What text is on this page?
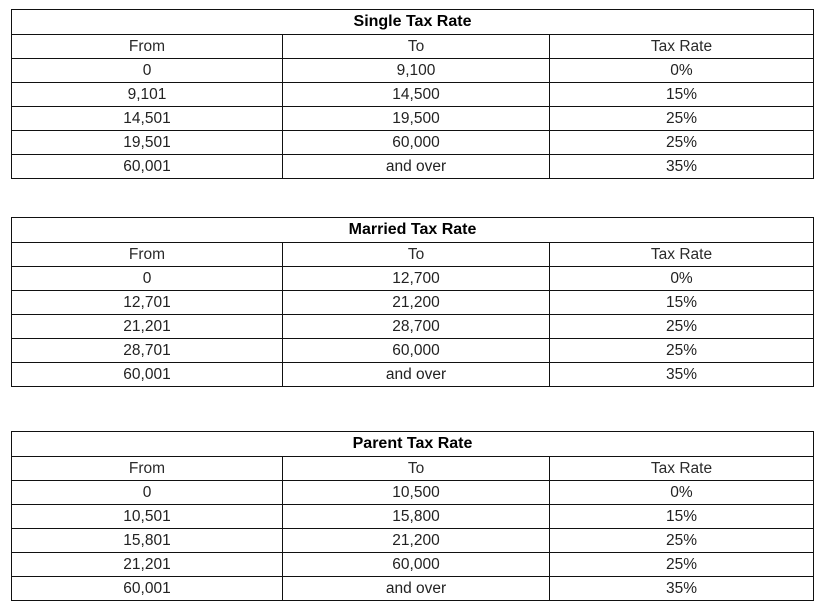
Single Tax Rate		
From	To	Tax Rate
0	9,100	0%
9,101	14,500	15%
14,501	19,500	25%
19,501	60,000	25%
60,001	and over	35%
Married Tax Rate		
From	To	Tax Rate
0	12,700	0%
12,701	21,200	15%
21,201	28,700	25%
28,701	60,000	25%
60,001	and over	35%
Parent Tax Rate		
From	To	Tax Rate
0	10,500	0%
10,501	15,800	15%
15,801	21,200	25%
21,201	60,000	25%
60,001	and over	35%
